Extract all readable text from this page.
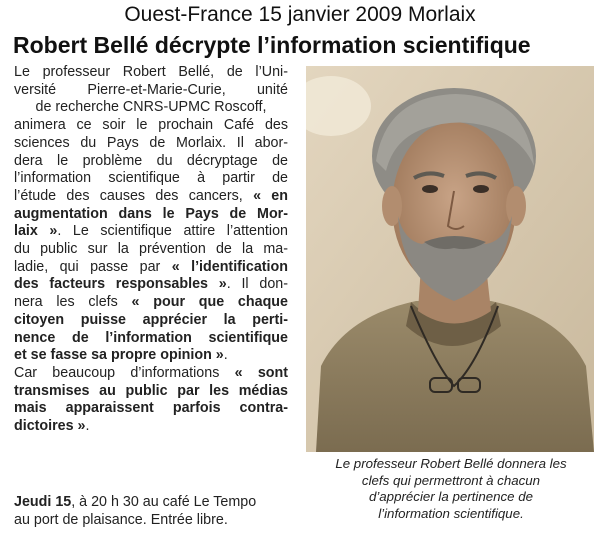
Ouest-France 15 janvier 2009 Morlaix
Robert Bellé décrypte l’information scientifique
Le professeur Robert Bellé, de l’Uni-
versité Pierre-et-Marie-Curie, unité
de recherche CNRS-UPMC Roscoff,
animera ce soir le prochain Café des
sciences du Pays de Morlaix. Il abor-
dera le problème du décryptage de
l’information scientifique à partir de
l’étude des causes des cancers, « en
augmentation dans le Pays de Mor-
laix ». Le scientifique attire l’attention
du public sur la prévention de la ma-
ladie, qui passe par « l’identification
des facteurs responsables ». Il don-
nera les clefs « pour que chaque
citoyen puisse apprécier la perti-
nence de l’information scientifique
et se fasse sa propre opinion ».
Car beaucoup d’informations « sont
transmises au public par les médias
mais apparaissent parfois contra-
dictoires ».
Jeudi 15, à 20 h 30 au café Le Tempo
au port de plaisance. Entrée libre.
Le professeur Robert Bellé donnera les
clefs qui permettront à chacun
d’apprécier la pertinence de
l’information scientifique.
